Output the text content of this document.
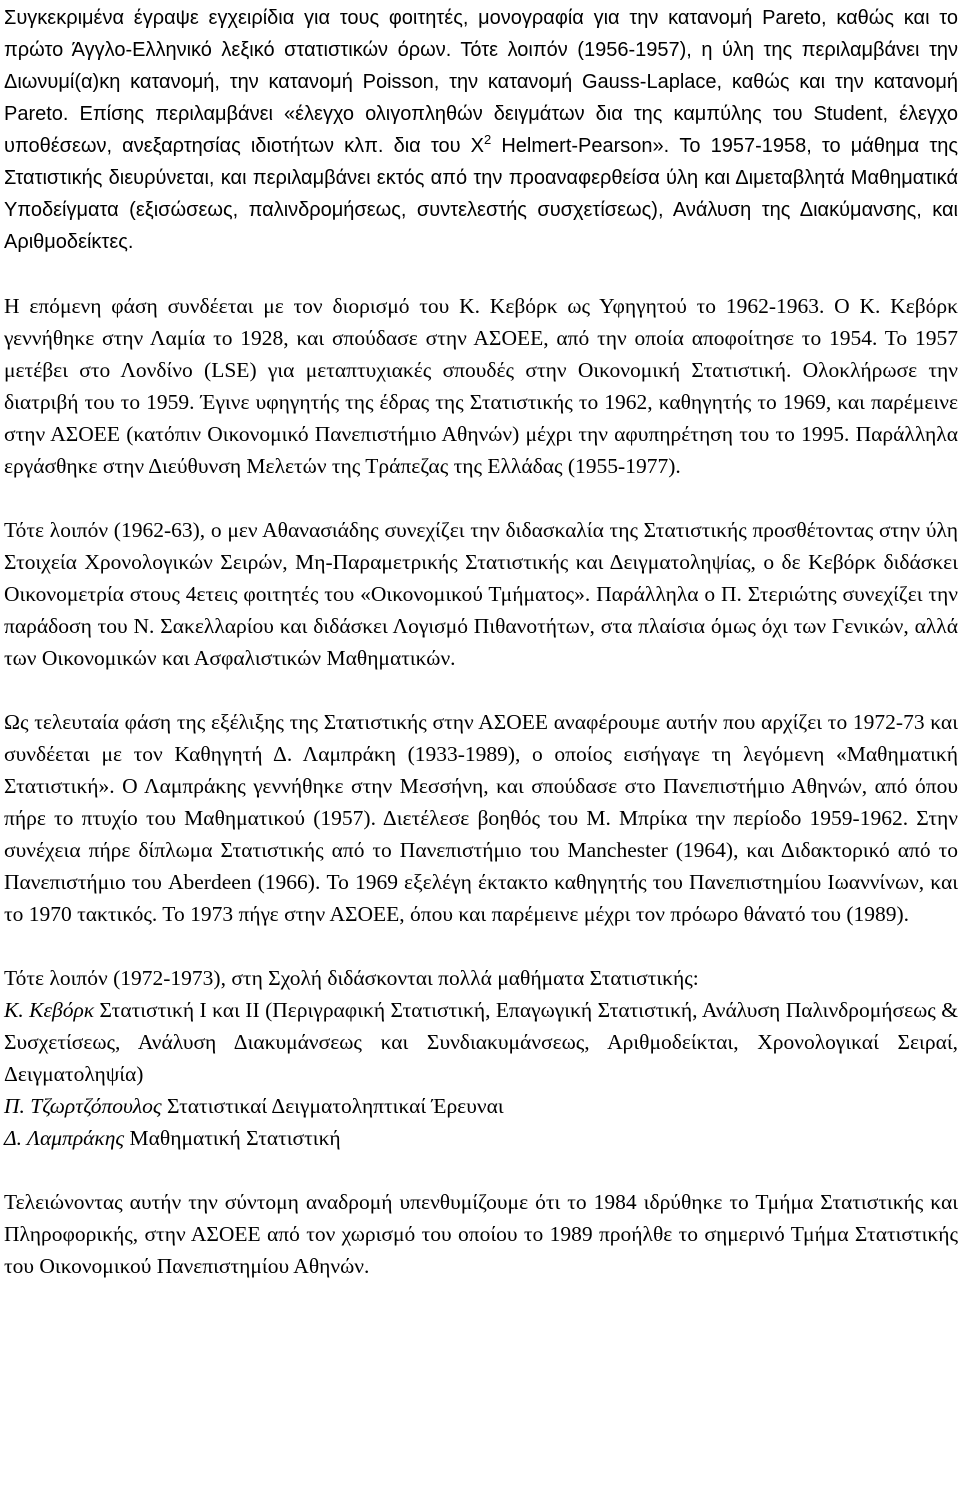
Συγκεκριμένα έγραψε εγχειρίδια για τους φοιτητές, μονογραφία για την κατανομή Pareto, καθώς και το πρώτο Άγγλο-Ελληνικό λεξικό στατιστικών όρων. Τότε λοιπόν (1956-1957), η ύλη της περιλαμβάνει την Διωνυμί(α)κη κατανομή, την κατανομή Poisson, την κατανομή Gauss-Laplace, καθώς και την κατανομή Pareto. Επίσης περιλαμβάνει «έλεγχο ολιγοπληθών δειγμάτων δια της καμπύλης του Student, έλεγχο υποθέσεων, ανεξαρτησίας ιδιοτήτων κλπ. δια του $X^2$ Helmert-Pearson». Το 1957-1958, το μάθημα της Στατιστικής διευρύνεται, και περιλαμβάνει εκτός από την προαναφερθείσα ύλη και Διμεταβλητά Μαθηματικά Υποδείγματα (εξισώσεως, παλινδρομήσεως, συντελεστής συσχετίσεως), Ανάλυση της Διακύμανσης, και Αριθμοδείκτες.

Η επόμενη φάση συνδέεται με τον διορισμό του Κ. Κεβόρκ ως Υφηγητού το 1962-1963. Ο Κ. Κεβόρκ γεννήθηκε στην Λαμία το 1928, και σπούδασε στην ΑΣΟΕΕ, από την οποία αποφοίτησε το 1954. Το 1957 μετέβει στο Λονδίνο (LSE) για μεταπτυχιακές σπουδές στην Οικονομική Στατιστική. Ολοκλήρωσε την διατριβή του το 1959. Έγινε υφηγητής της έδρας της Στατιστικής το 1962, καθηγητής το 1969, και παρέμεινε στην ΑΣΟΕΕ (κατόπιν Οικονομικό Πανεπιστήμιο Αθηνών) μέχρι την αφυπηρέτηση του το 1995. Παράλληλα εργάσθηκε στην Διεύθυνση Μελετών της Τράπεζας της Ελλάδας (1955-1977).

Τότε λοιπόν (1962-63), ο μεν Αθανασιάδης συνεχίζει την διδασκαλία της Στατιστικής προσθέτοντας στην ύλη Στοιχεία Χρονολογικών Σειρών, Μη-Παραμετρικής Στατιστικής και Δειγματοληψίας, ο δε Κεβόρκ διδάσκει Οικονομετρία στους 4ετεις φοιτητές του «Οικονομικού Τμήματος». Παράλληλα ο Π. Στεριώτης συνεχίζει την παράδοση του Ν. Σακελλαρίου και διδάσκει Λογισμό Πιθανοτήτων, στα πλαίσια όμως όχι των Γενικών, αλλά των Οικονομικών και Ασφαλιστικών Μαθηματικών.

Ως τελευταία φάση της εξέλιξης της Στατιστικής στην ΑΣΟΕΕ αναφέρουμε αυτήν που αρχίζει το 1972-73 και συνδέεται με τον Καθηγητή Δ. Λαμπράκη (1933-1989), ο οποίος εισήγαγε τη λεγόμενη «Μαθηματική Στατιστική». Ο Λαμπράκης γεννήθηκε στην Μεσσήνη, και σπούδασε στο Πανεπιστήμιο Αθηνών, από όπου πήρε το πτυχίο του Μαθηματικού (1957). Διετέλεσε βοηθός του Μ. Μπρίκα την περίοδο 1959-1962. Στην συνέχεια πήρε δίπλωμα Στατιστικής από το Πανεπιστήμιο του Manchester (1964), και Διδακτορικό από το Πανεπιστήμιο του Aberdeen (1966). Το 1969 εξελέγη έκτακτο καθηγητής του Πανεπιστημίου Ιωαννίνων, και το 1970 τακτικός. Το 1973 πήγε στην ΑΣΟΕΕ, όπου και παρέμεινε μέχρι τον πρόωρο θάνατό του (1989).

Τότε λοιπόν (1972-1973), στη Σχολή διδάσκονται πολλά μαθήματα Στατιστικής:

Κ. Κεβόρκ Στατιστική Ι και ΙΙ (Περιγραφική Στατιστική, Επαγωγική Στατιστική, Ανάλυση Παλινδρομήσεως & Συσχετίσεως, Ανάλυση Διακυμάνσεως και Συνδιακυμάνσεως, Αριθμοδείκται, Χρονολογικαί Σειραί, Δειγματοληψία)

Π. Τζωρτζόπουλος Στατιστικαί Δειγματοληπτικαί Έρευναι

Δ. Λαμπράκης Μαθηματική Στατιστική

Τελειώνοντας αυτήν την σύντομη αναδρομή υπενθυμίζουμε ότι το 1984 ιδρύθηκε το Τμήμα Στατιστικής και Πληροφορικής, στην ΑΣΟΕΕ από τον χωρισμό του οποίου το 1989 προήλθε το σημερινό Τμήμα Στατιστικής του Οικονομικού Πανεπιστημίου Αθηνών.
